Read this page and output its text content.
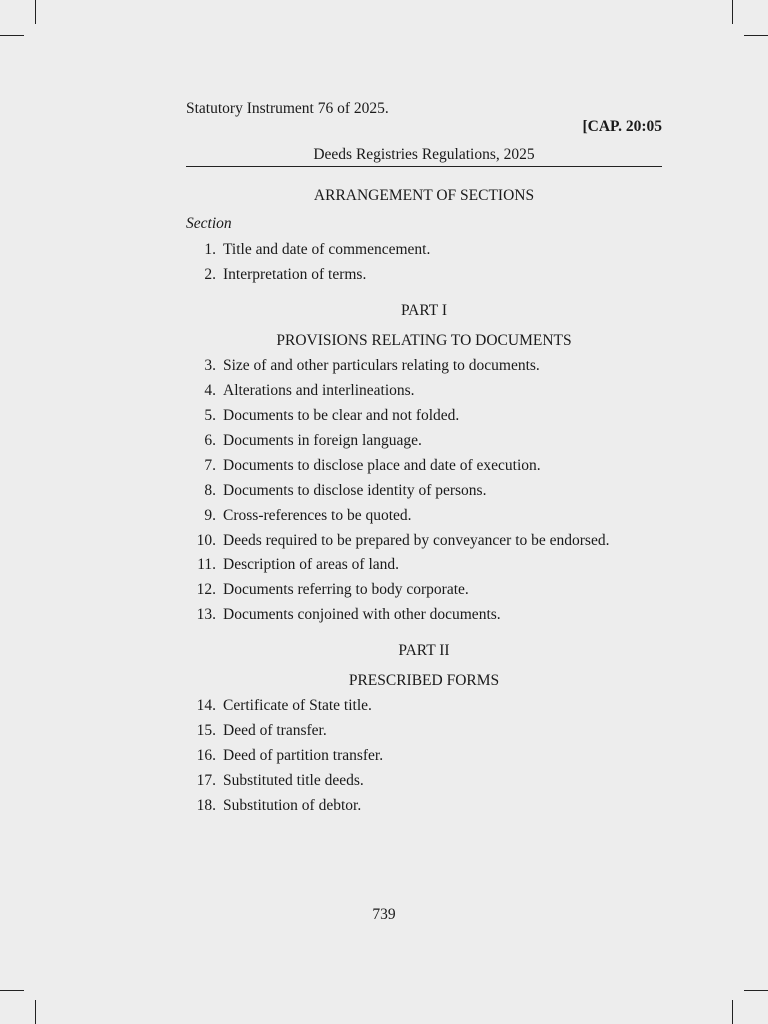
Statutory Instrument 76 of 2025.
[CAP. 20:05
Deeds Registries Regulations, 2025
ARRANGEMENT OF SECTIONS
Section
1. Title and date of commencement.
2. Interpretation of terms.
PART I
PROVISIONS RELATING TO DOCUMENTS
3. Size of and other particulars relating to documents.
4. Alterations and interlineations.
5. Documents to be clear and not folded.
6. Documents in foreign language.
7. Documents to disclose place and date of execution.
8. Documents to disclose identity of persons.
9. Cross-references to be quoted.
10. Deeds required to be prepared by conveyancer to be endorsed.
11. Description of areas of land.
12. Documents referring to body corporate.
13. Documents conjoined with other documents.
PART II
PRESCRIBED FORMS
14. Certificate of State title.
15. Deed of transfer.
16. Deed of partition transfer.
17. Substituted title deeds.
18. Substitution of debtor.
739
